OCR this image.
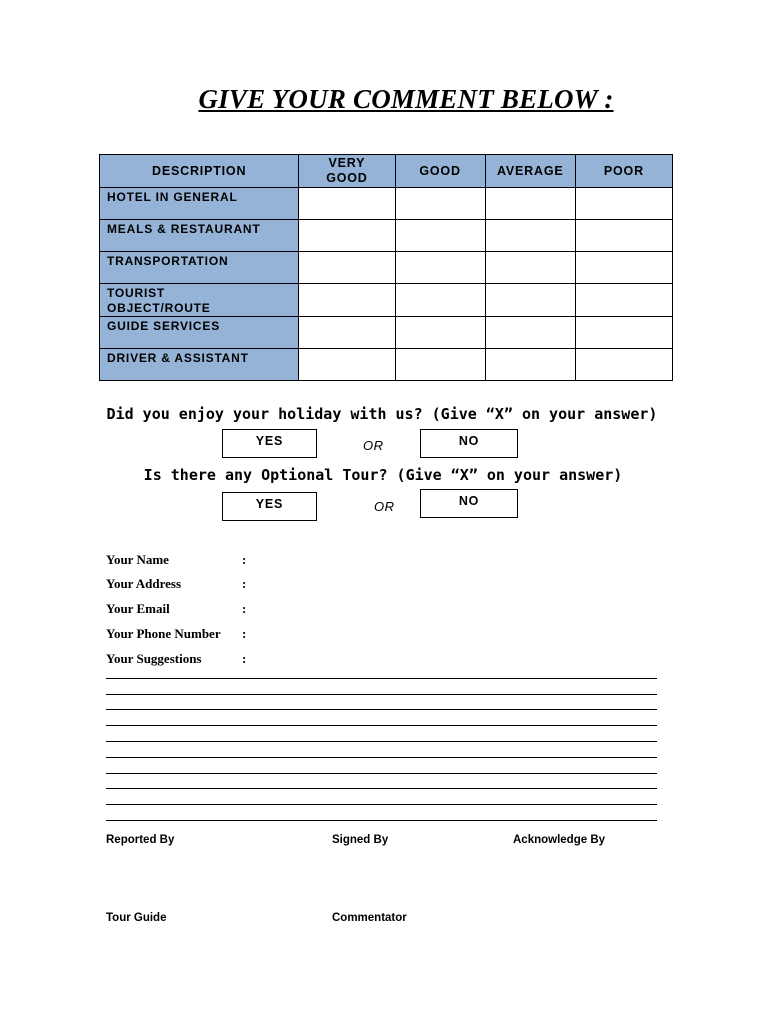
GIVE YOUR COMMENT BELOW :
DESCRIPTION	VERY GOOD	GOOD	AVERAGE	POOR
HOTEL IN GENERAL				
MEALS & RESTAURANT				
TRANSPORTATION				
TOURIST OBJECT/ROUTE				
GUIDE SERVICES				
DRIVER & ASSISTANT				
Did you enjoy your holiday with us? (Give “X” on your answer)
YES	OR	NO
Is there any Optional Tour? (Give “X” on your answer)
YES	OR	NO
Your Name	:
Your Address	:
Your Email	:
Your Phone Number :
Your Suggestions	:
Reported By	Signed By	Acknowledge By
Tour Guide	Commentator
